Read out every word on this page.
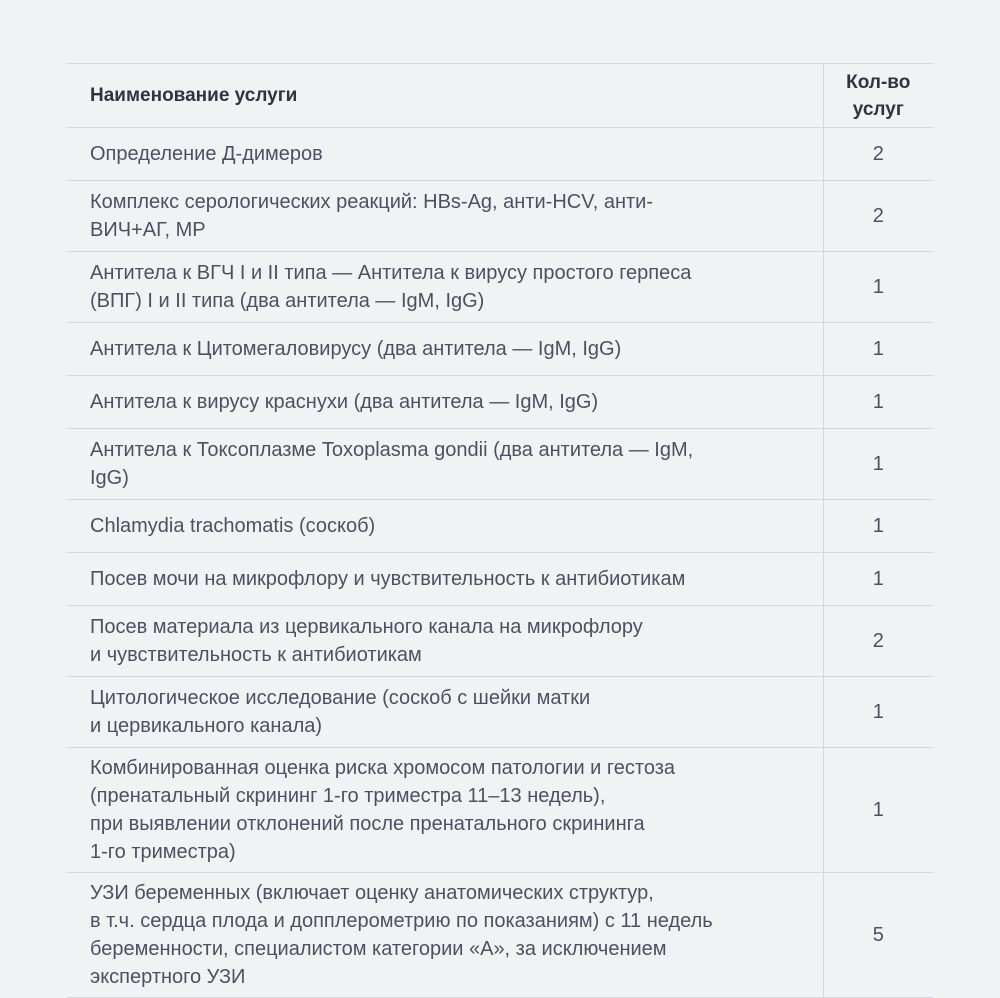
Наименование услуги	Кол-во
услуг
Определение Д-димеров	2
Комплекс серологических реакций: HBs-Ag, анти-HCV, анти-
ВИЧ+АГ, МР	2
Антитела к ВГЧ I и II типа — Антитела к вирусу простого герпеса
(ВПГ) I и II типа (два антитела — IgM, IgG)	1
Антитела к Цитомегаловирусу (два антитела — IgM, IgG)	1
Антитела к вирусу краснухи (два антитела — IgM, IgG)	1
Антитела к Токсоплазме Toxoplasma gondii (два антитела — IgM,
IgG)	1
Chlamydia trachomatis (соскоб)	1
Посев мочи на микрофлору и чувствительность к антибиотикам	1
Посев материала из цервикального канала на микрофлору
и чувствительность к антибиотикам	2
Цитологическое исследование (соскоб с шейки матки
и цервикального канала)	1
Комбинированная оценка риска хромосом патологии и гестоза
(пренатальный скрининг 1-го триместра 11–13 недель),
при выявлении отклонений после пренатального скрининга
1-го триместра)	1
УЗИ беременных (включает оценку анатомических структур,
в т.ч. сердца плода и допплерометрию по показаниям) с 11 недель
беременности, специалистом категории «А», за исключением
экспертного УЗИ	5
